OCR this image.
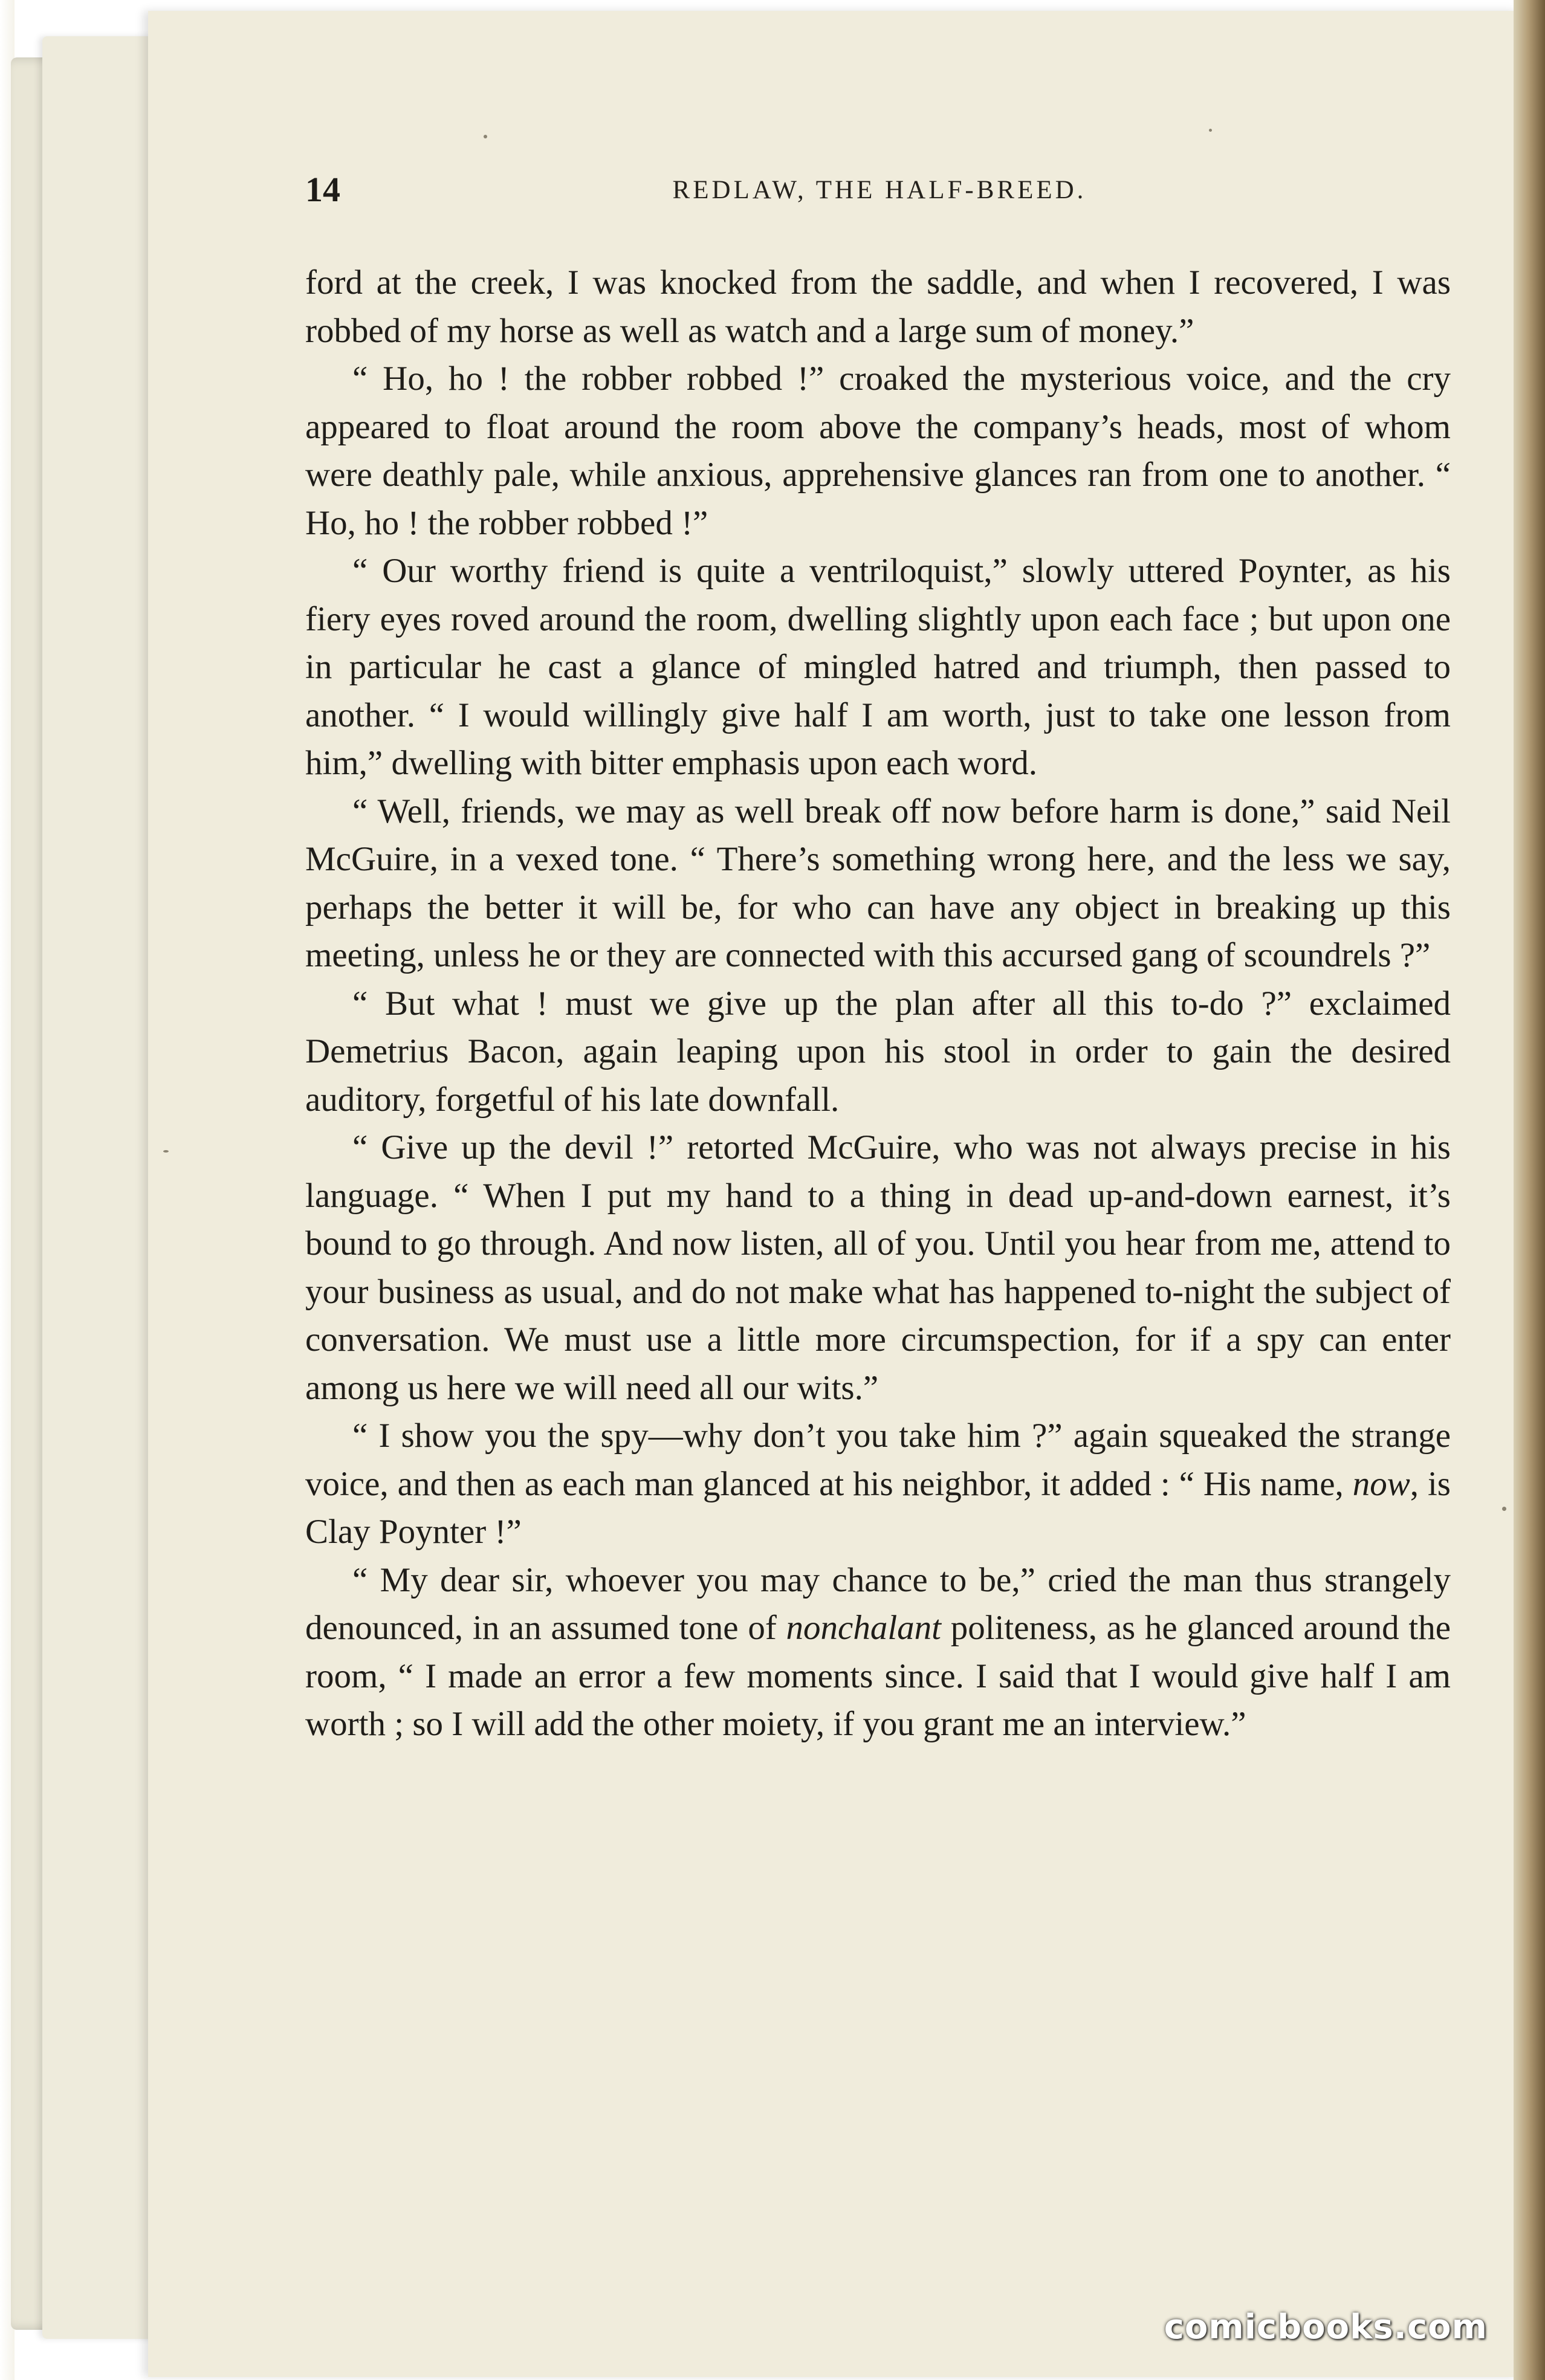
14	REDLAW, THE HALF-BREED.

ford at the creek, I was knocked from the saddle, and when I recovered, I was robbed of my horse as well as watch and a large sum of money.”

“ Ho, ho ! the robber robbed !” croaked the mysterious voice, and the cry appeared to float around the room above the company’s heads, most of whom were deathly pale, while anxious, apprehensive glances ran from one to another. “ Ho, ho ! the robber robbed !”

“ Our worthy friend is quite a ventriloquist,” slowly uttered Poynter, as his fiery eyes roved around the room, dwelling slightly upon each face ; but upon one in particular he cast a glance of mingled hatred and triumph, then passed to another. “ I would willingly give half I am worth, just to take one lesson from him,” dwelling with bitter emphasis upon each word.

“ Well, friends, we may as well break off now before harm is done,” said Neil McGuire, in a vexed tone. “ There’s something wrong here, and the less we say, perhaps the better it will be, for who can have any object in breaking up this meeting, unless he or they are connected with this accursed gang of scoundrels ?”

“ But what ! must we give up the plan after all this to-do ?” exclaimed Demetrius Bacon, again leaping upon his stool in order to gain the desired auditory, forgetful of his late downfall.

“ Give up the devil !” retorted McGuire, who was not always precise in his language. “ When I put my hand to a thing in dead up-and-down earnest, it’s bound to go through. And now listen, all of you. Until you hear from me, attend to your business as usual, and do not make what has happened to-night the subject of conversation. We must use a little more circumspection, for if a spy can enter among us here we will need all our wits.”

“ I show you the spy—why don’t you take him ?” again squeaked the strange voice, and then as each man glanced at his neighbor, it added : “ His name, now, is Clay Poynter !”

“ My dear sir, whoever you may chance to be,” cried the man thus strangely denounced, in an assumed tone of nonchalant politeness, as he glanced around the room, “ I made an error a few moments since. I said that I would give half I am worth ; so I will add the other moiety, if you grant me an interview.”

comicbooks.com
